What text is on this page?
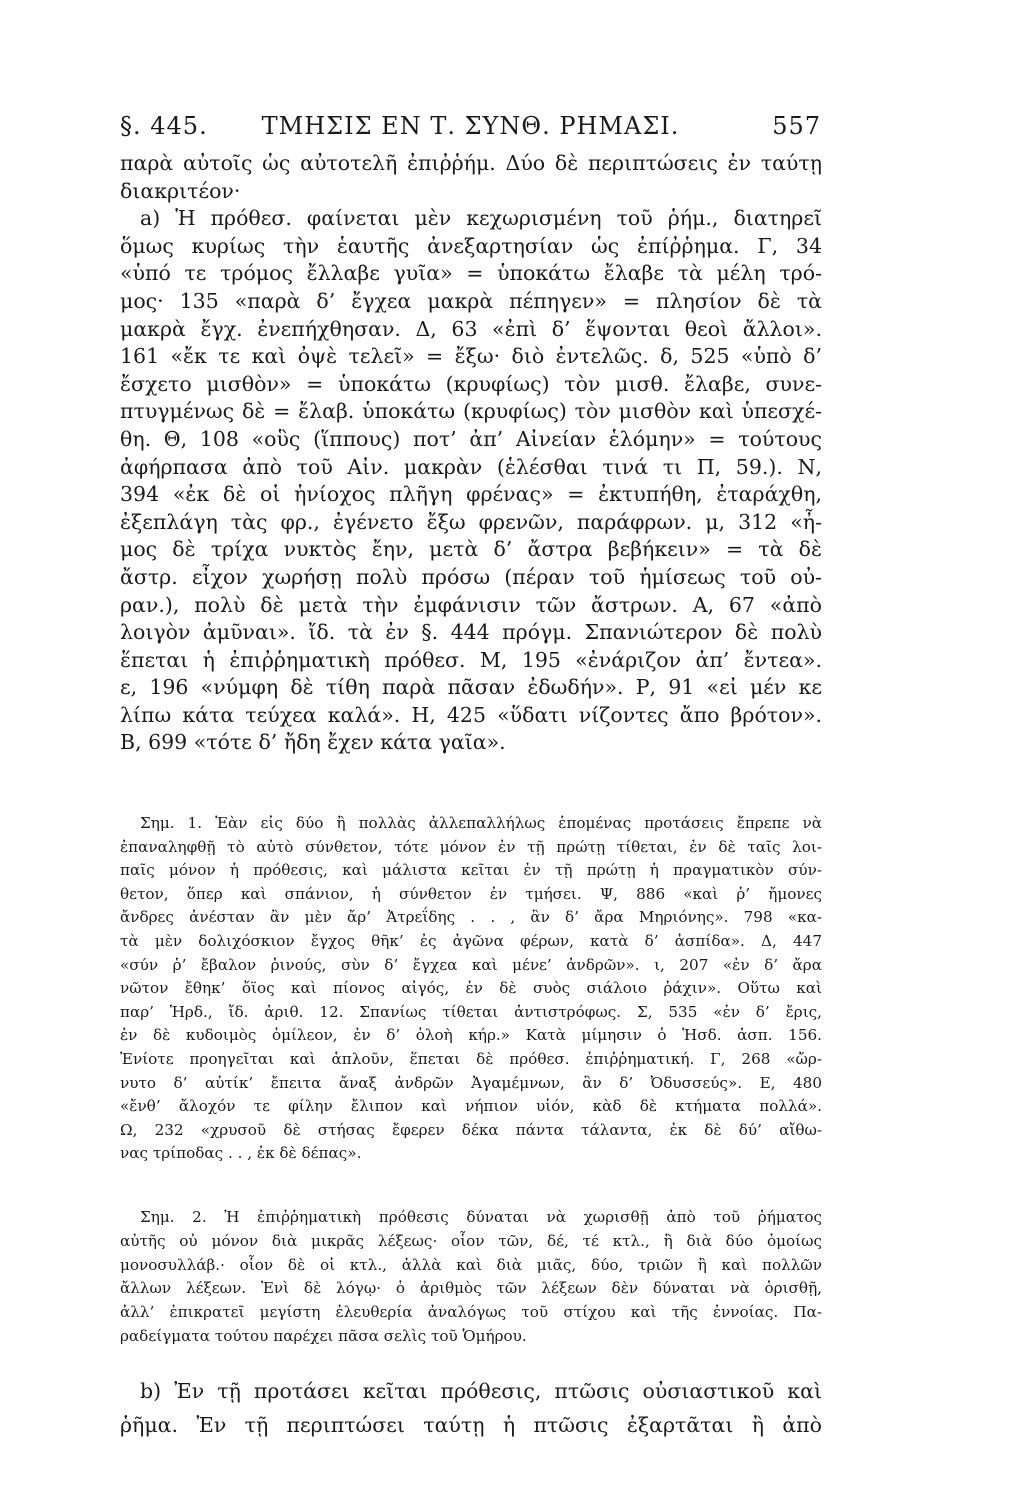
§. 445.	ΤΜΗΣΙΣ ΕΝ Τ. ΣΥΝΘ. ΡΗΜΑΣΙ.	557
παρὰ αὐτοῖς ὡς αὐτοτελῆ ἐπιῤῥήμ. Δύο δὲ περιπτώσεις ἐν ταύτῃ
διακριτέον·
a) Ἡ πρόθεσ. φαίνεται μὲν κεχωρισμένη τοῦ ῥήμ., διατηρεῖ
ὅμως κυρίως τὴν ἑαυτῆς ἀνεξαρτησίαν ὡς ἐπίῤῥημα. Γ, 34
«ὑπό τε τρόμος ἔλλαβε γυῖα» = ὑποκάτω ἔλαβε τὰ μέλη τρό-
μος· 135 «παρὰ δ’ ἔγχεα μακρὰ πέπηγεν» = πλησίον δὲ τὰ
μακρὰ ἔγχ. ἐνεπήχθησαν. Δ, 63 «ἐπὶ δ’ ἕψονται θεοὶ ἄλλοι».
161 «ἔκ τε καὶ ὀψὲ τελεῖ» = ἔξω· διὸ ἐντελῶς. δ, 525 «ὑπὸ δ’
ἔσχετο μισθὸν» = ὑποκάτω (κρυφίως) τὸν μισθ. ἔλαβε, συνε-
πτυγμένως δὲ = ἔλαβ. ὑποκάτω (κρυφίως) τὸν μισθὸν καὶ ὑπεσχέ-
θη. Θ, 108 «οὓς (ἵππους) ποτ’ ἀπ’ Αἰνείαν ἑλόμην» = τούτους
ἀφήρπασα ἀπὸ τοῦ Αἰν. μακρὰν (ἑλέσθαι τινά τι Π, 59.). Ν,
394 «ἐκ δὲ οἱ ἡνίοχος πλῆγη φρένας» = ἐκτυπήθη, ἐταράχθη,
ἐξεπλάγη τὰς φρ., ἐγένετο ἔξω φρενῶν, παράφρων. μ, 312 «ἦ-
μος δὲ τρίχα νυκτὸς ἔην, μετὰ δ’ ἄστρα βεβήκειν» = τὰ δὲ
ἄστρ. εἶχον χωρήσῃ πολὺ πρόσω (πέραν τοῦ ἡμίσεως τοῦ οὐ-
ραν.), πολὺ δὲ μετὰ τὴν ἐμφάνισιν τῶν ἄστρων. Α, 67 «ἀπὸ
λοιγὸν ἀμῦναι». ἴδ. τὰ ἐν §. 444 πρόγμ. Σπανιώτερον δὲ πολὺ
ἕπεται ἡ ἐπιῤῥηματικὴ πρόθεσ. Μ, 195 «ἐνάριζον ἀπ’ ἔντεα».
ε, 196 «νύμφη δὲ τίθη παρὰ πᾶσαν ἐδωδήν». Ρ, 91 «εἰ μέν κε
λίπω κάτα τεύχεα καλά». Η, 425 «ὕδατι νίζοντες ἄπο βρότον».
Β, 699 «τότε δ’ ἤδη ἔχεν κάτα γαῖα».
Σημ. 1. Ἐὰν εἰς δύο ἢ πολλὰς ἀλλεπαλλήλως ἑπομένας προτάσεις ἔπρεπε νὰ
ἐπαναληφθῇ τὸ αὐτὸ σύνθετον, τότε μόνον ἐν τῇ πρώτῃ τίθεται, ἐν δὲ ταῖς λοι-
παῖς μόνον ἡ πρόθεσις, καὶ μάλιστα κεῖται ἐν τῇ πρώτῃ ἡ πραγματικὸν σύν-
θετον, ὅπερ καὶ σπάνιον, ἡ σύνθετον ἐν τμήσει. Ψ, 886 «καὶ ῥ’ ἤμονες
ἄνδρες ἀνέσταν ἂν μὲν ἄρ’ Ἀτρεΐδης . . , ἂν δ’ ἄρα Μηριόνης». 798 «κα-
τὰ μὲν δολιχόσκιον ἔγχος θῆκ’ ἐς ἀγῶνα φέρων, κατὰ δ’ ἀσπίδα». Δ, 447
«σύν ῥ’ ἔβαλον ῥινούς, σὺν δ’ ἔγχεα καὶ μένε’ ἀνδρῶν». ι, 207 «ἐν δ’ ἄρα
νῶτον ἔθηκ’ ὄϊος καὶ πίονος αἰγός, ἐν δὲ συὸς σιάλοιο ῥάχιν». Οὕτω καὶ
παρ’ Ἡρδ., ἴδ. ἀριθ. 12. Σπανίως τίθεται ἀντιστρόφως. Σ, 535 «ἐν δ’ ἔρις,
ἐν δὲ κυδοιμὸς ὁμίλεον, ἐν δ’ ὀλοὴ κήρ.» Κατὰ μίμησιν ὁ Ἡσδ. ἀσπ. 156.
Ἐνίοτε προηγεῖται καὶ ἁπλοῦν, ἕπεται δὲ πρόθεσ. ἐπιῤῥηματική. Γ, 268 «ὤρ-
νυτο δ’ αὐτίκ’ ἔπειτα ἄναξ ἀνδρῶν Ἀγαμέμνων, ἂν δ’ Ὀδυσσεύς». Ε, 480
«ἔνθ’ ἄλοχόν τε φίλην ἔλιπον καὶ νήπιον υἱόν, κὰδ δὲ κτήματα πολλά».
Ω, 232 «χρυσοῦ δὲ στήσας ἔφερεν δέκα πάντα τάλαντα, ἐκ δὲ δύ’ αἴθω-
νας τρίποδας . . , ἐκ δὲ δέπας».
Σημ. 2. Ἡ ἐπιῤῥηματικὴ πρόθεσις δύναται νὰ χωρισθῇ ἀπὸ τοῦ ῥήματος
αὐτῆς οὐ μόνον διὰ μικρᾶς λέξεως· οἷον τῶν, δέ, τέ κτλ., ἢ διὰ δύο ὁμοίως
μονοσυλλάβ.· οἷον δὲ οἱ κτλ., ἀλλὰ καὶ διὰ μιᾶς, δύο, τριῶν ἢ καὶ πολλῶν
ἄλλων λέξεων. Ἐνὶ δὲ λόγῳ· ὁ ἀριθμὸς τῶν λέξεων δὲν δύναται νὰ ὁρισθῇ,
ἀλλ’ ἐπικρατεῖ μεγίστη ἐλευθερία ἀναλόγως τοῦ στίχου καὶ τῆς ἐννοίας. Πα-
ραδείγματα τούτου παρέχει πᾶσα σελὶς τοῦ Ὁμήρου.
b) Ἐν τῇ προτάσει κεῖται πρόθεσις, πτῶσις οὐσιαστικοῦ καὶ
ῥῆμα. Ἐν τῇ περιπτώσει ταύτῃ ἡ πτῶσις ἐξαρτᾶται ἢ ἀπὸ
